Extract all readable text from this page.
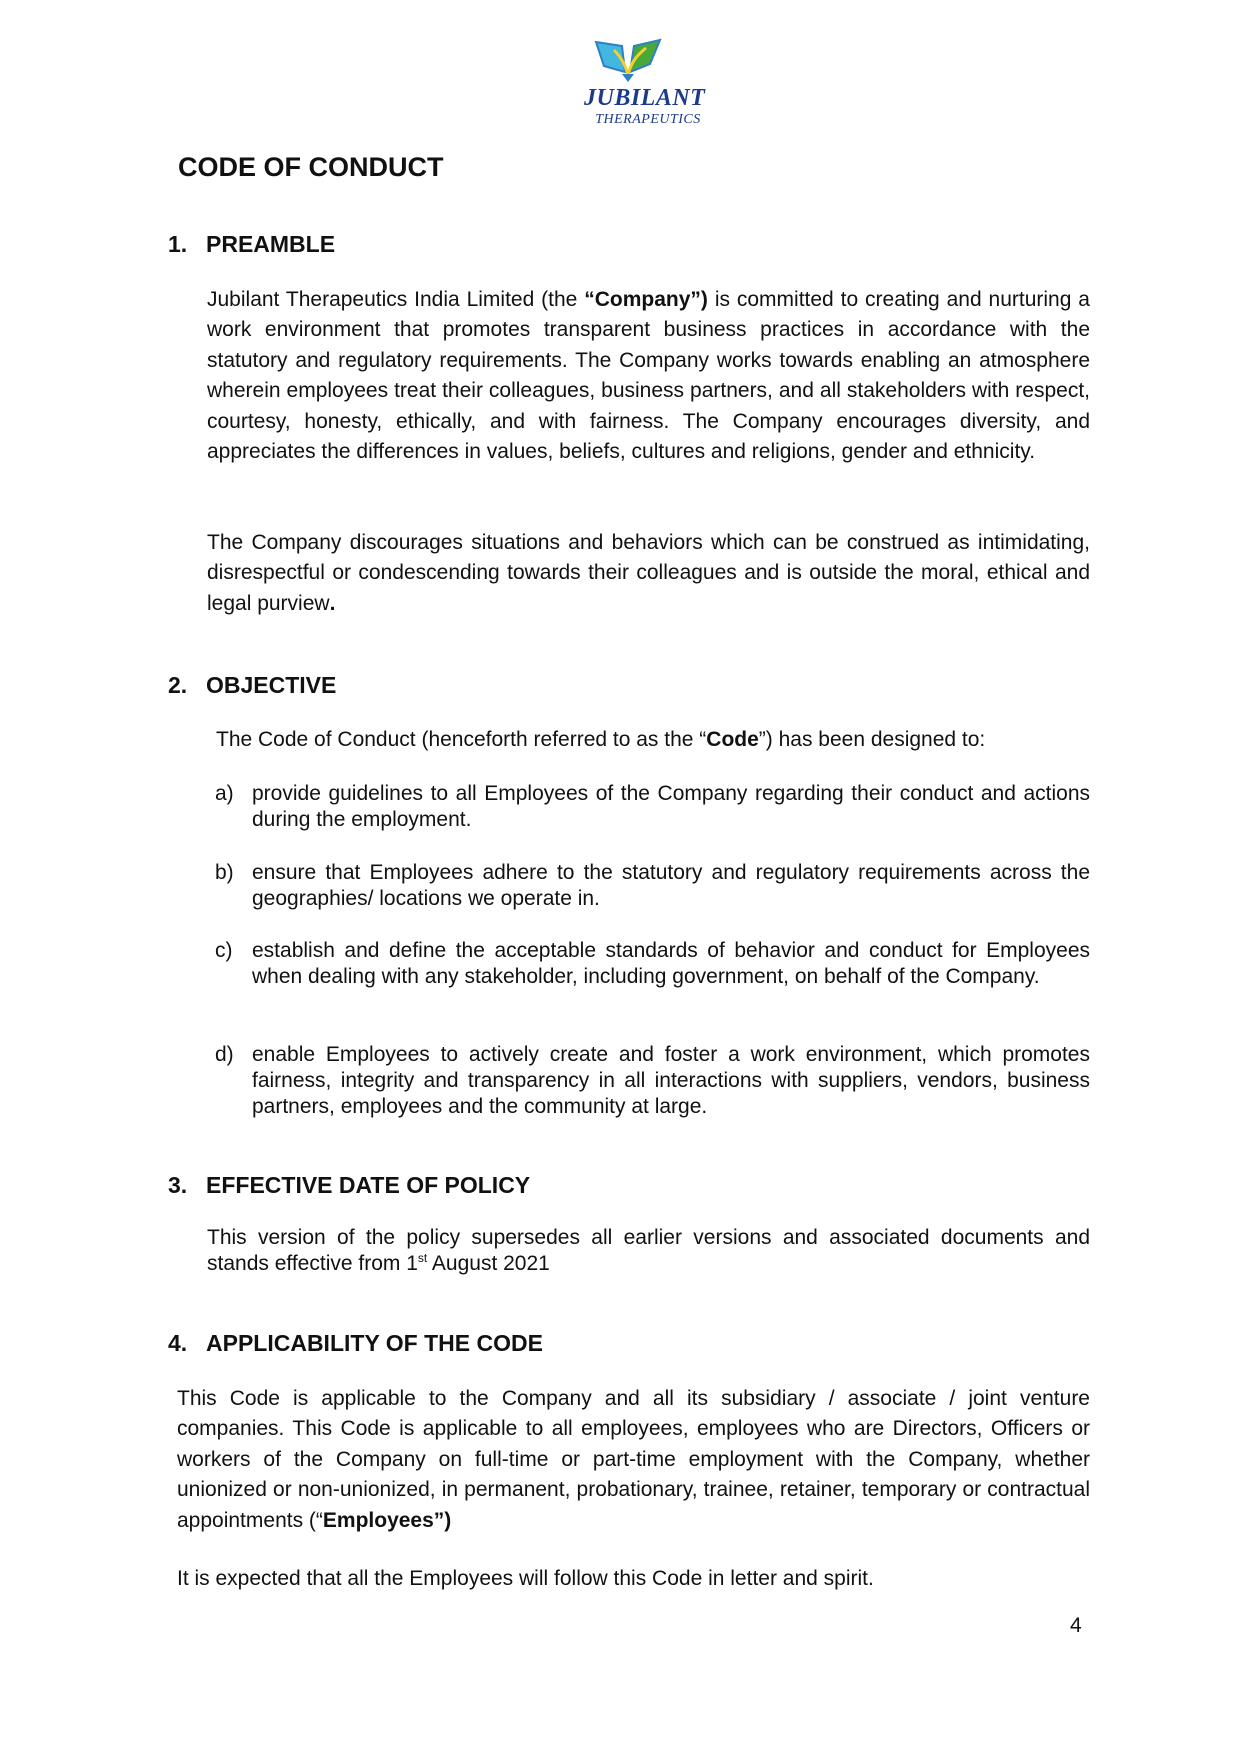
JUBILANT
THERAPEUTICS
CODE OF CONDUCT
1. PREAMBLE

Jubilant Therapeutics India Limited (the “Company”) is committed to creating and nurturing a work environment that promotes transparent business practices in accordance with the statutory and regulatory requirements. The Company works towards enabling an atmosphere wherein employees treat their colleagues, business partners, and all stakeholders with respect, courtesy, honesty, ethically, and with fairness. The Company encourages diversity, and appreciates the differences in values, beliefs, cultures and religions, gender and ethnicity.

The Company discourages situations and behaviors which can be construed as intimidating, disrespectful or condescending towards their colleagues and is outside the moral, ethical and legal purview.

2. OBJECTIVE

The Code of Conduct (henceforth referred to as the “Code”) has been designed to:

a) provide guidelines to all Employees of the Company regarding their conduct and actions during the employment.
b) ensure that Employees adhere to the statutory and regulatory requirements across the geographies/ locations we operate in.
c) establish and define the acceptable standards of behavior and conduct for Employees when dealing with any stakeholder, including government, on behalf of the Company.
d) enable Employees to actively create and foster a work environment, which promotes fairness, integrity and transparency in all interactions with suppliers, vendors, business partners, employees and the community at large.
3. EFFECTIVE DATE OF POLICY

This version of the policy supersedes all earlier versions and associated documents and stands effective from 1st August 2021

4. APPLICABILITY OF THE CODE

This Code is applicable to the Company and all its subsidiary / associate / joint venture companies. This Code is applicable to all employees, employees who are Directors, Officers or workers of the Company on full-time or part-time employment with the Company, whether unionized or non-unionized, in permanent, probationary, trainee, retainer, temporary or contractual appointments (“Employees”)

It is expected that all the Employees will follow this Code in letter and spirit.

4
